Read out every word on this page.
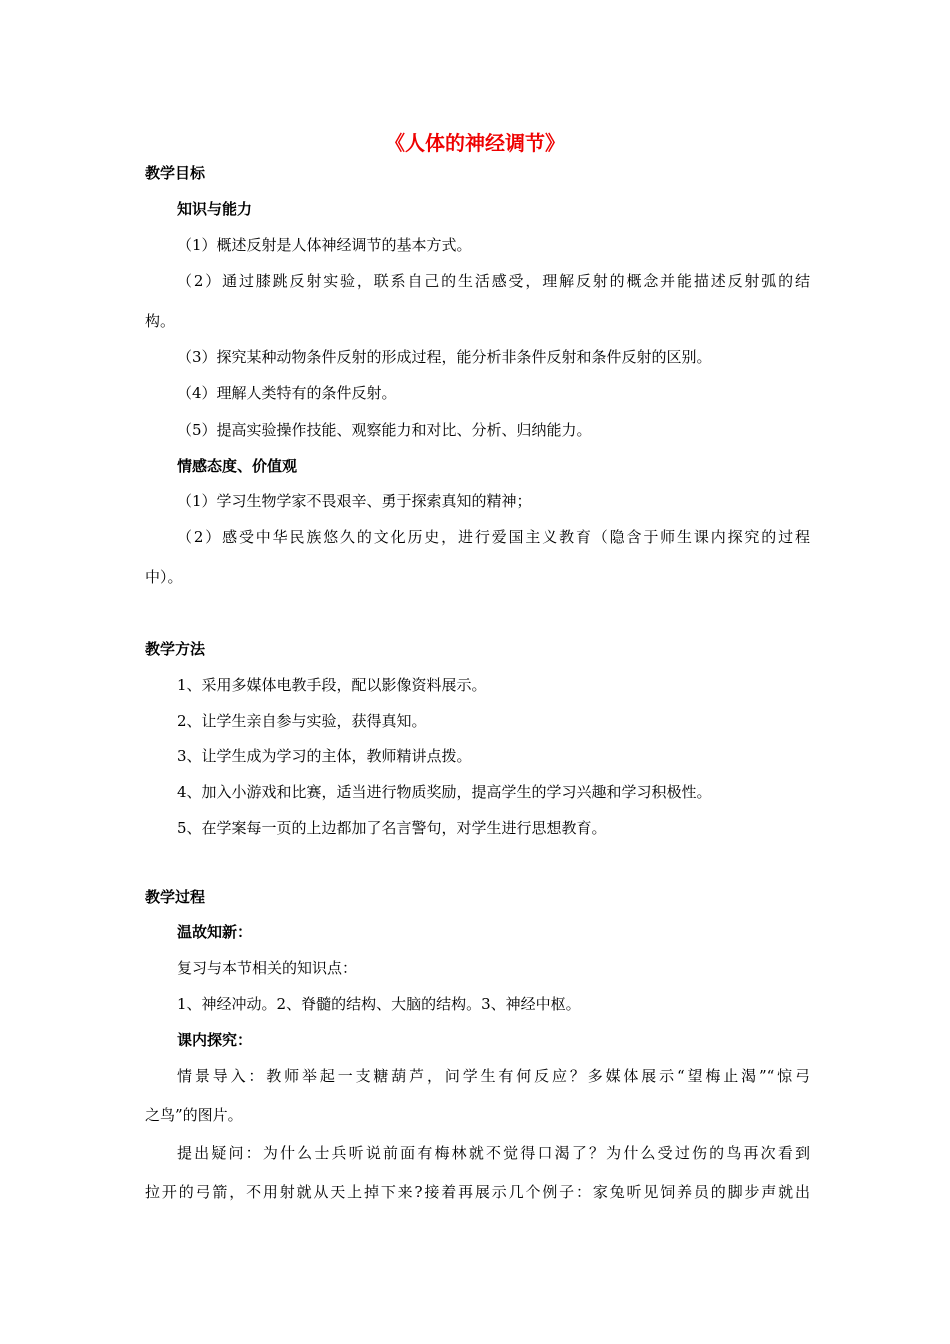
《人体的神经调节》
教学目标
知识与能力
（1）概述反射是人体神经调节的基本方式。
（2）通过膝跳反射实验，联系自己的生活感受，理解反射的概念并能描述反射弧的结
构。
（3）探究某种动物条件反射的形成过程，能分析非条件反射和条件反射的区别。
（4）理解人类特有的条件反射。
（5）提高实验操作技能、观察能力和对比、分析、归纳能力。
情感态度、价值观
（1）学习生物学家不畏艰辛、勇于探索真知的精神；
（2）感受中华民族悠久的文化历史，进行爱国主义教育（隐含于师生课内探究的过程
中）。
教学方法
1、采用多媒体电教手段，配以影像资料展示。
2、让学生亲自参与实验，获得真知。
3、让学生成为学习的主体，教师精讲点拨。
4、加入小游戏和比赛，适当进行物质奖励，提高学生的学习兴趣和学习积极性。
5、在学案每一页的上边都加了名言警句，对学生进行思想教育。
教学过程
温故知新：
复习与本节相关的知识点：
1、神经冲动。2、脊髓的结构、大脑的结构。3、神经中枢。
课内探究：
情景导入：教师举起一支糖葫芦，问学生有何反应？多媒体展示“望梅止渴”“惊弓
之鸟”的图片。
提出疑问：为什么士兵听说前面有梅林就不觉得口渴了？为什么受过伤的鸟再次看到
拉开的弓箭，不用射就从天上掉下来?接着再展示几个例子：家兔听见饲养员的脚步声就出
